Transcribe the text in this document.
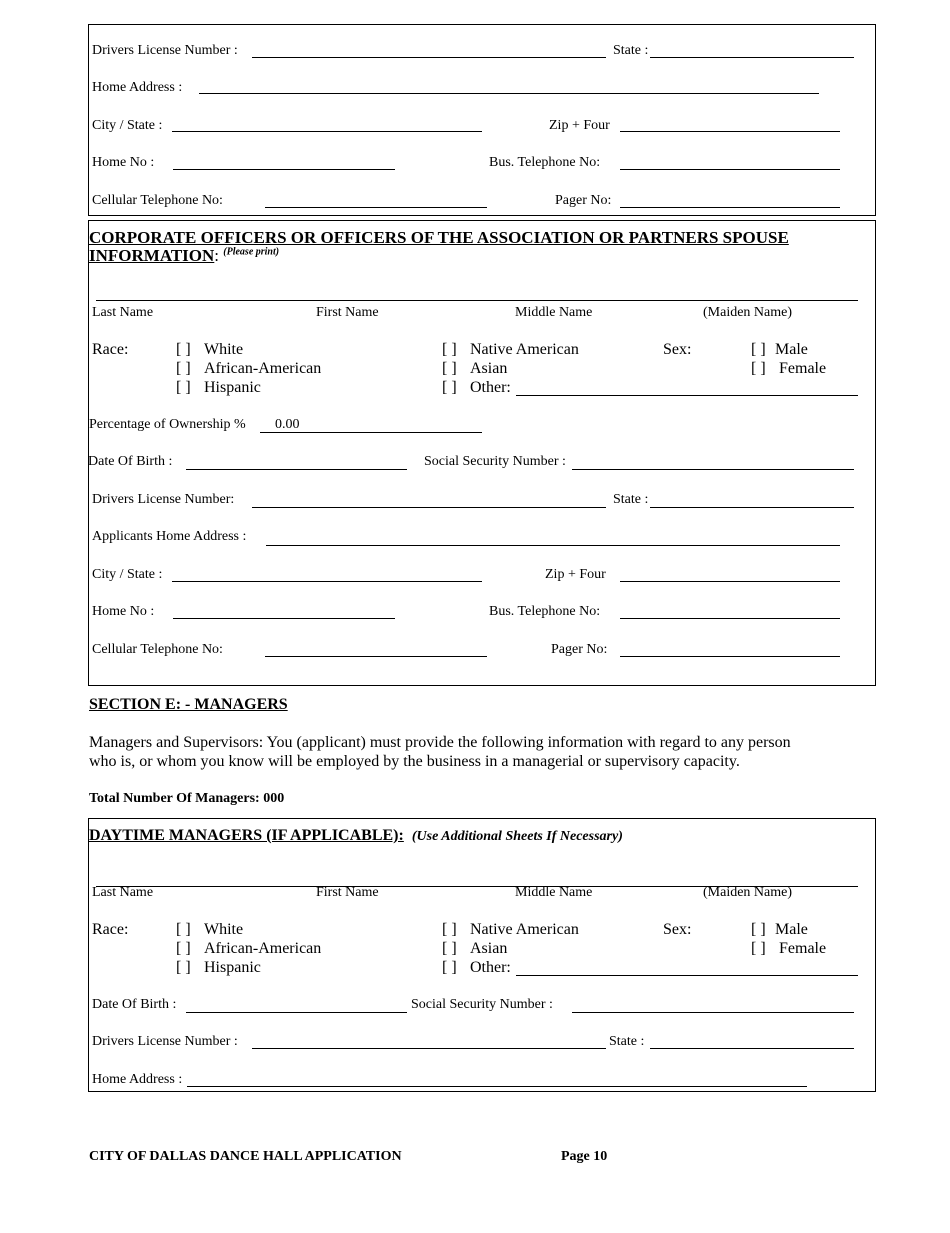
Drivers License Number :	State :
Home Address :
City / State :	Zip + Four
Home No :	Bus. Telephone No:
Cellular Telephone No:	Pager No:
CORPORATE OFFICERS OR OFFICERS OF THE ASSOCIATION OR PARTNERS SPOUSE
INFORMATION: $^{(Please print)}$
Last Name	First Name	Middle Name	(Maiden Name)
Race:	[ ] White
[ ] African-American
[ ] Hispanic
[ ] Native American
[ ] Asian
[ ] Other:
Sex:	[ ] Male
[ ] Female
Percentage of Ownership % 0.00
Date Of Birth :	Social Security Number :
Drivers License Number:	State :
Applicants Home Address :
City / State :	Zip + Four
Home No :	Bus. Telephone No:
Cellular Telephone No:	Pager No:
SECTION E: - MANAGERS
Managers and Supervisors: You (applicant) must provide the following information with regard to any person
who is, or whom you know will be employed by the business in a managerial or supervisory capacity.
Total Number Of Managers: 000
DAYTIME MANAGERS (IF APPLICABLE): (Use Additional Sheets If Necessary)
Last Name	First Name	Middle Name	(Maiden Name)
Race:	[ ] White
[ ] African-American
[ ] Hispanic
[ ] Native American
[ ] Asian
[ ] Other:
Sex:	[ ] Male
[ ] Female
Date Of Birth :	Social Security Number :
Drivers License Number :	State :
Home Address :
CITY OF DALLAS DANCE HALL APPLICATION	Page 10
